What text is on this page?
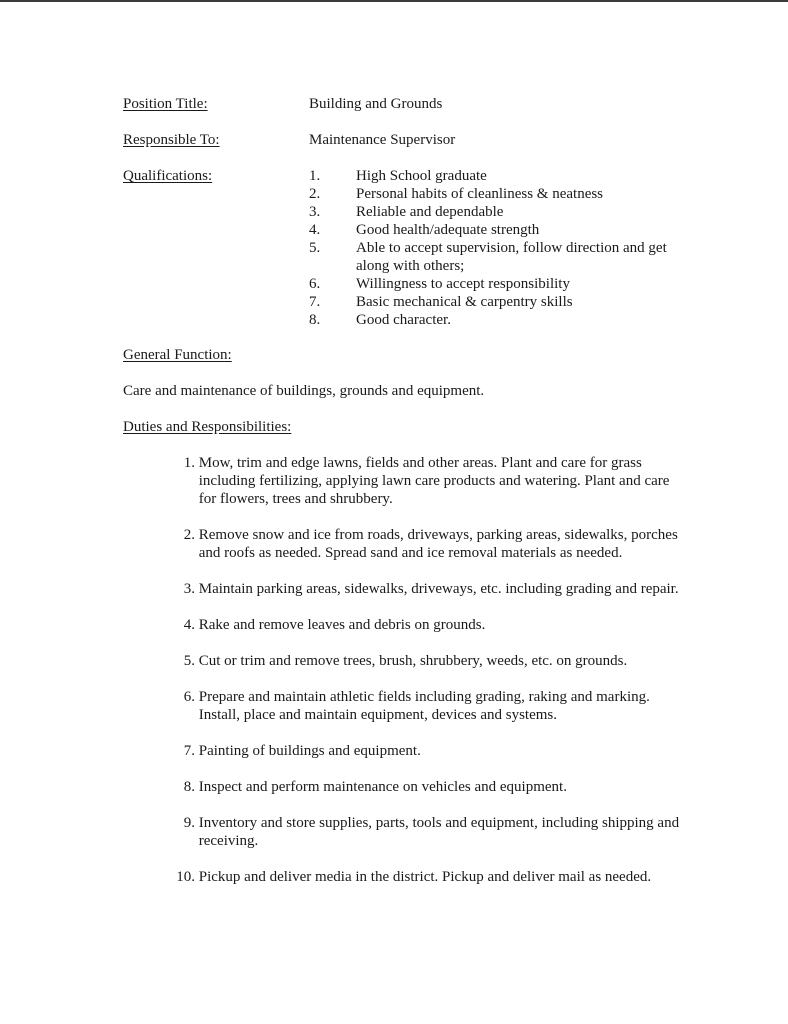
Position Title:	Building and Grounds
Responsible To:	Maintenance Supervisor
Qualifications:	1.	High School graduate
2.	Personal habits of cleanliness & neatness
3.	Reliable and dependable
4.	Good health/adequate strength
5.	Able to accept supervision, follow direction and get along with others;
6.	Willingness to accept responsibility
7.	Basic mechanical & carpentry skills
8.	Good character.
General Function:
Care and maintenance of buildings, grounds and equipment.
Duties and Responsibilities:
1.
Mow, trim and edge lawns, fields and other areas. Plant and care for grass including fertilizing, applying lawn care products and watering. Plant and care for flowers, trees and shrubbery.
2.
Remove snow and ice from roads, driveways, parking areas, sidewalks, porches and roofs as needed. Spread sand and ice removal materials as needed.
3.
Maintain parking areas, sidewalks, driveways, etc. including grading and repair.
4.
Rake and remove leaves and debris on grounds.
5.
Cut or trim and remove trees, brush, shrubbery, weeds, etc. on grounds.
6.
Prepare and maintain athletic fields including grading, raking and marking. Install, place and maintain equipment, devices and systems.
7.
Painting of buildings and equipment.
8.
Inspect and perform maintenance on vehicles and equipment.
9.
Inventory and store supplies, parts, tools and equipment, including shipping and receiving.
10.
Pickup and deliver media in the district. Pickup and deliver mail as needed.
